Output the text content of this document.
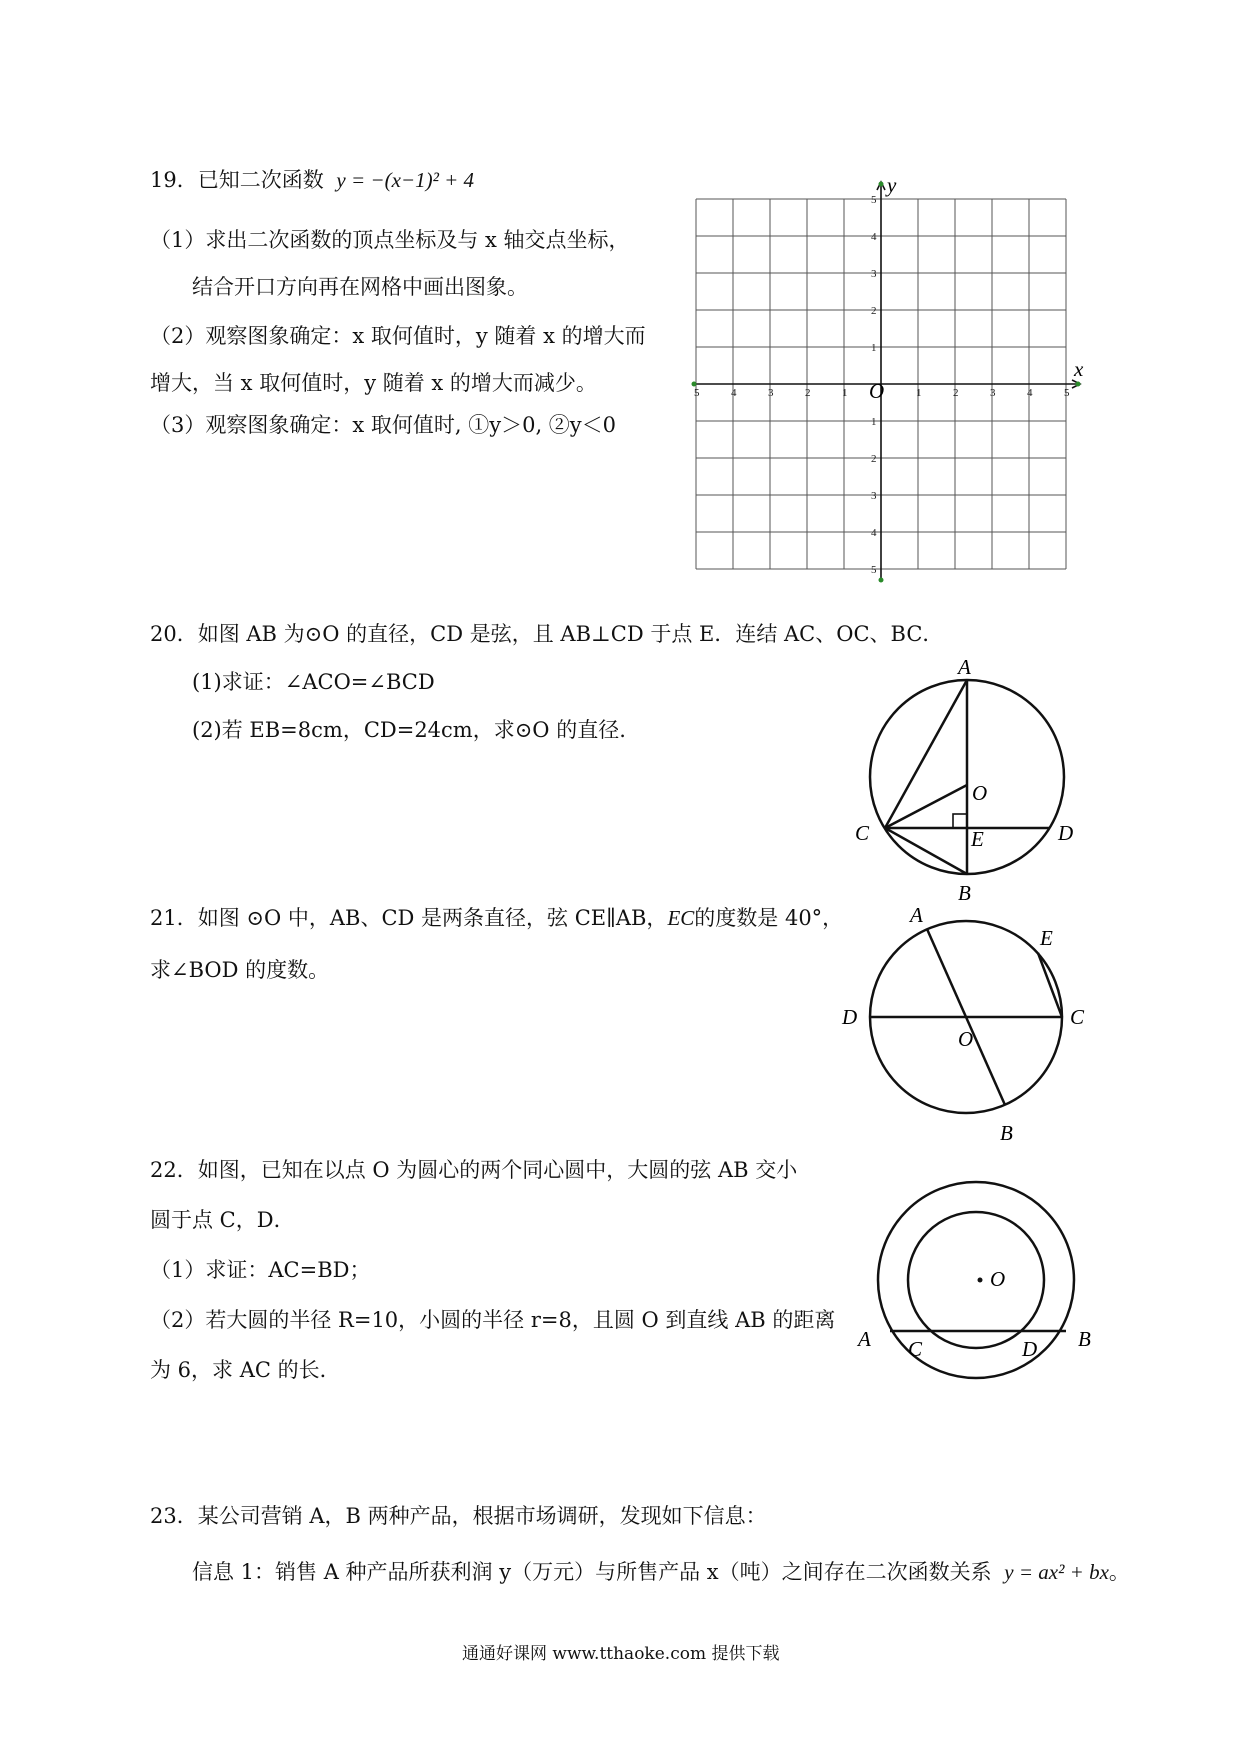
19．已知二次函数 y = −(x−1)² + 4
（1）求出二次函数的顶点坐标及与 x 轴交点坐标，
结合开口方向再在网格中画出图象。
（2）观察图象确定：x 取何值时，y 随着 x 的增大而
增大，当 x 取何值时，y 随着 x 的增大而减少。
（3）观察图象确定：x 取何值时, ①y＞0, ②y＜0
x
y
O
5	4	3	2	1	1	2	3	4	5
5
4
3
2
1
1
2
3
4
5
20．如图 AB 为⊙O 的直径，CD 是弦，且 AB⊥CD 于点 E．连结 AC、OC、BC．
(1)求证：∠ACO=∠BCD
(2)若 EB=8cm，CD=24cm，求⊙O 的直径.
A
B
C	D
E
O
21．如图 ⊙O 中，AB、CD 是两条直径，弦 CE∥AB，EC的度数是 40°，
求∠BOD 的度数。
A
B
C
D
E
O
22．如图，已知在以点 O 为圆心的两个同心圆中，大圆的弦 AB 交小
圆于点 C，D．
（1）求证：AC=BD；
（2）若大圆的半径 R=10，小圆的半径 r=8，且圆 O 到直线 AB 的距离
为 6，求 AC 的长．
O
A	B
C	D
23．某公司营销 A，B 两种产品，根据市场调研，发现如下信息：
信息 1：销售 A 种产品所获利润 y（万元）与所售产品 x（吨）之间存在二次函数关系 y = ax² + bx。
通通好课网 www.tthaoke.com 提供下载
